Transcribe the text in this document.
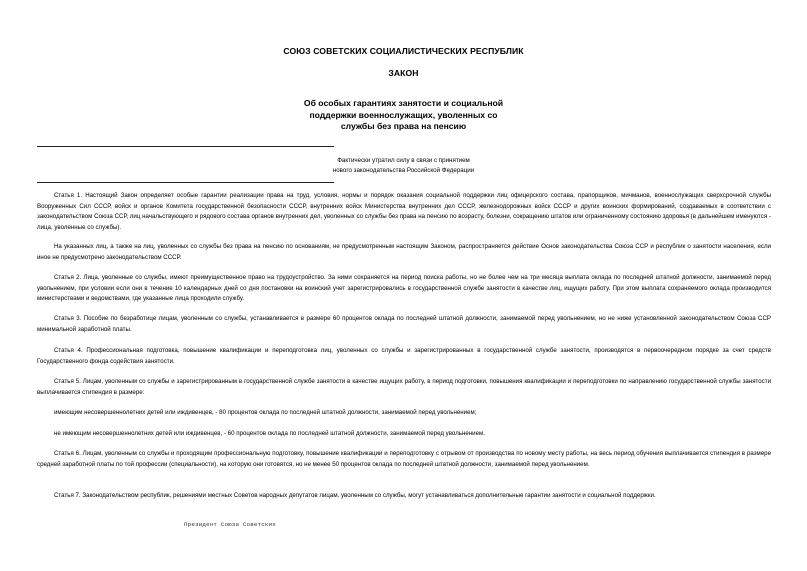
СОЮЗ СОВЕТСКИХ СОЦИАЛИСТИЧЕСКИХ РЕСПУБЛИК
ЗАКОН
Об особых гарантиях занятости и социальной
поддержки военнослужащих, уволенных со
службы без права на пенсию
Фактически утратил силу в связи с принятием
нового законодательства Российской Федерации
Статья 1. Настоящий Закон определяет особые гарантии реализации права на труд, условия, нормы и порядок оказания социальной поддержки лиц офицерского состава, прапорщиков, мичманов, военнослужащих сверхсрочной службы Вооруженных Сил СССР, войск и органов Комитета государственной безопасности СССР, внутренних войск Министерства внутренних дел СССР, железнодорожных войск СССР и других воинских формирований, создаваемых в соответствии с законодательством Союза ССР, лиц начальствующего и рядового состава органов внутренних дел, уволенных со службы без права на пенсию по возрасту, болезни, сокращению штатов или ограниченному состоянию здоровья (в дальнейшем именуются - лица, уволенные со службы).
На указанных лиц, а также на лиц, уволенных со службы без права на пенсию по основаниям, не предусмотренным настоящим Законом, распространяется действие Основ законодательства Союза ССР и республик о занятости населения, если иное не предусмотрено законодательством СССР.
Статья 2. Лица, уволенные со службы, имеют преимущественное право на трудоустройство. За ними сохраняется на период поиска работы, но не более чем на три месяца выплата оклада по последней штатной должности, занимаемой перед увольнением, при условии если они в течение 10 календарных дней со дня постановки на воинский учет зарегистрировались в государственной службе занятости в качестве лиц, ищущих работу. При этом выплата сохраняемого оклада производится министерствами и ведомствами, где указанные лица проходили службу.
Статья 3. Пособие по безработице лицам, уволенным со службы, устанавливается в размере 60 процентов оклада по последней штатной должности, занимаемой перед увольнением, но не ниже установленной законодательством Союза ССР минимальной заработной платы.
Статья 4. Профессиональная подготовка, повышение квалификации и переподготовка лиц, уволенных со службы и зарегистрированных в государственной службе занятости, производятся в первоочередном порядке за счет средств Государственного фонда содействия занятости.
Статья 5. Лицам, уволенным со службы и зарегистрированным в государственной службе занятости в качестве ищущих работу, в период подготовки, повышения квалификации и переподготовки по направлению государственной службы занятости выплачивается стипендия в размере:
имеющим несовершеннолетних детей или иждивенцев, - 80 процентов оклада по последней штатной должности, занимаемой перед увольнением;
не имеющим несовершеннолетних детей или иждивенцев, - 60 процентов оклада по последней штатной должности, занимаемой перед увольнением.
Статья 6. Лицам, уволенным со службы и проходящим профессиональную подготовку, повышение квалификации и переподготовку с отрывом от производства по новому месту работы, на весь период обучения выплачивается стипендия в размере средней заработной платы по той профессии (специальности), на которую они готовятся, но не менее 50 процентов оклада по последней штатной должности, занимаемой перед увольнением.
Статья 7. Законодательством республик, решениями местных Советов народных депутатов лицам, уволенным со службы, могут устанавливаться дополнительные гарантии занятости и социальной поддержки.
Президент Союза Советских
